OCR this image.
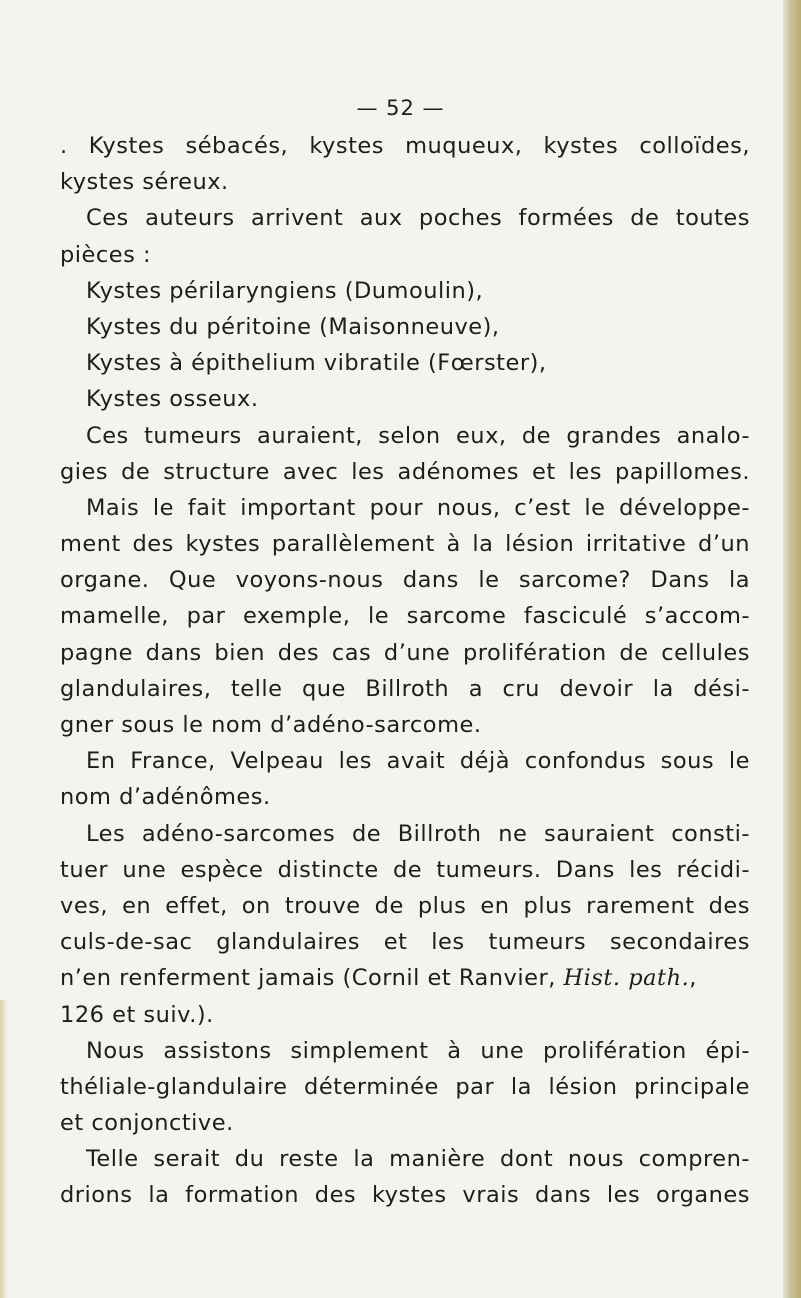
— 52 —
. Kystes sébacés, kystes muqueux, kystes colloïdes,
kystes séreux.
Ces auteurs arrivent aux poches formées de toutes
pièces :
Kystes périlaryngiens (Dumoulin),
Kystes du péritoine (Maisonneuve),
Kystes à épithelium vibratile (Fœrster),
Kystes osseux.
Ces tumeurs auraient, selon eux, de grandes analo-
gies de structure avec les adénomes et les papillomes.
Mais le fait important pour nous, c’est le développe-
ment des kystes parallèlement à la lésion irritative d’un
organe. Que voyons-nous dans le sarcome? Dans la
mamelle, par exemple, le sarcome fasciculé s’accom-
pagne dans bien des cas d’une prolifération de cellules
glandulaires, telle que Billroth a cru devoir la dési-
gner sous le nom d’adéno-sarcome.
En France, Velpeau les avait déjà confondus sous le
nom d’adénômes.
Les adéno-sarcomes de Billroth ne sauraient consti-
tuer une espèce distincte de tumeurs. Dans les récidi-
ves, en effet, on trouve de plus en plus rarement des
culs-de-sac glandulaires et les tumeurs secondaires
n’en renferment jamais (Cornil et Ranvier, Hist. path.,
126 et suiv.).
Nous assistons simplement à une prolifération épi-
théliale-glandulaire déterminée par la lésion principale
et conjonctive.
Telle serait du reste la manière dont nous compren-
drions la formation des kystes vrais dans les organes
